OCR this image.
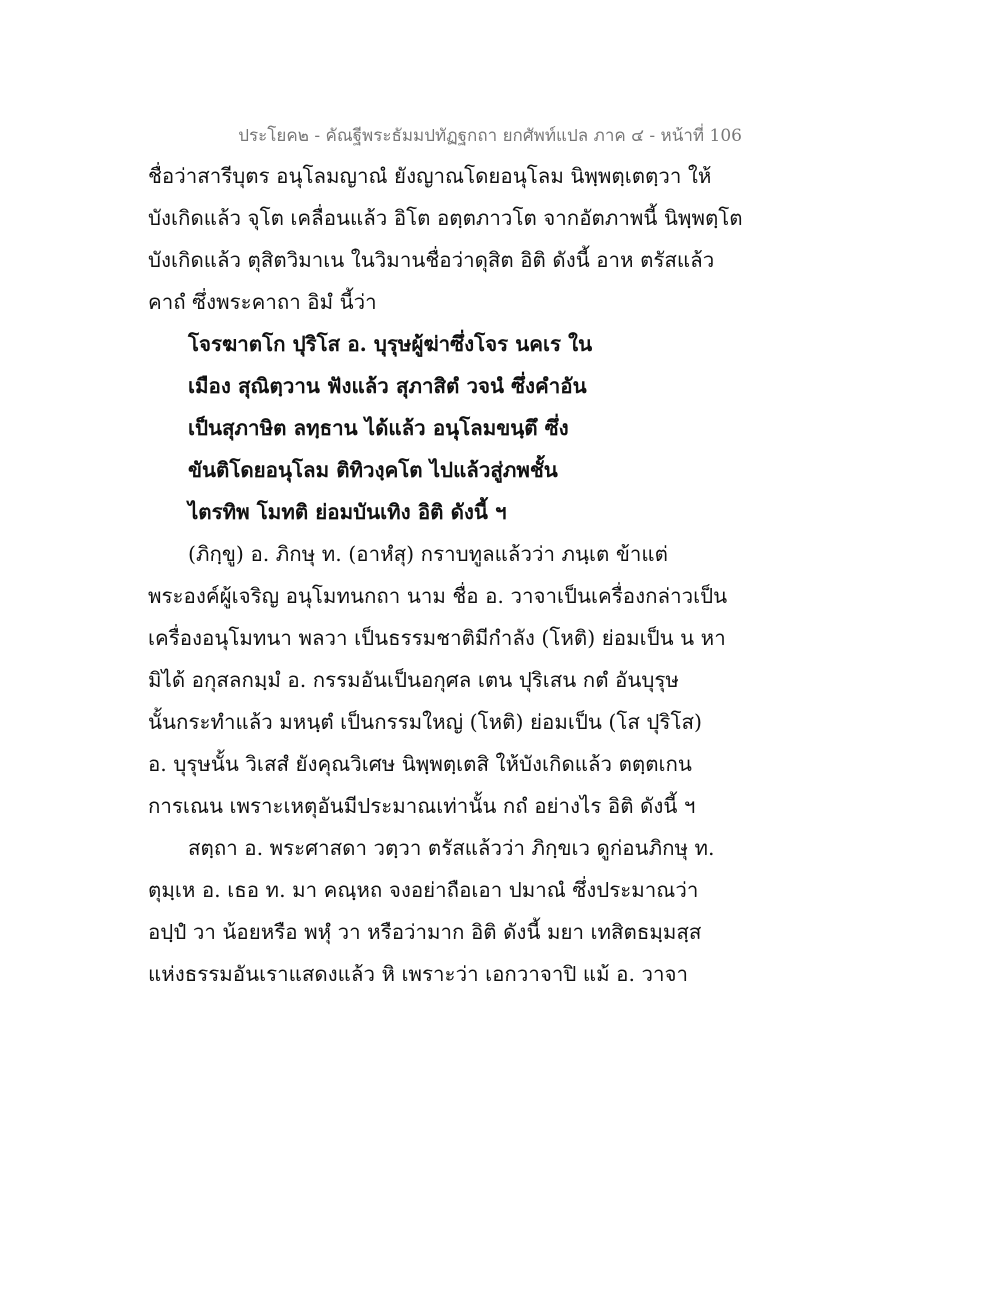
ประโยค๒ - คัณฐีพระธัมมปทัฏฐกถา ยกศัพท์แปล ภาค ๔ - หน้าที่ 106
ชื่อว่าสารีบุตร อนุโลมญาณํ ยังญาณโดยอนุโลม นิพฺพตฺเตตฺวา ให้
บังเกิดแล้ว จุโต เคลื่อนแล้ว อิโต อตฺตภาวโต จากอัตภาพนี้ นิพฺพตฺโต
บังเกิดแล้ว ตุสิตวิมาเน ในวิมานชื่อว่าดุสิต อิติ ดังนี้ อาห ตรัสแล้ว
คาถํ ซึ่งพระคาถา อิมํ นี้ว่า
โจรฆาตโก ปุริโส อ. บุรุษผู้ฆ่าซึ่งโจร นคเร ใน
เมือง สุณิตฺวาน ฟังแล้ว สุภาสิตํ วจนํ ซึ่งคำอัน
เป็นสุภาษิต ลทฺธาน ได้แล้ว อนุโลมขนฺตึ ซึ่ง
ขันติโดยอนุโลม ติทิวงฺคโต ไปแล้วสู่ภพชั้น
ไตรทิพ โมทติ ย่อมบันเทิง อิติ ดังนี้ ฯ
(ภิกฺขู) อ. ภิกษุ ท. (อาหํสุ) กราบทูลแล้วว่า ภนฺเต ข้าแต่
พระองค์ผู้เจริญ อนุโมทนกถา นาม ชื่อ อ. วาจาเป็นเครื่องกล่าวเป็น
เครื่องอนุโมทนา พลวา เป็นธรรมชาติมีกำลัง (โหติ) ย่อมเป็น น หา
มิได้ อกุสลกมฺมํ อ. กรรมอันเป็นอกุศล เตน ปุริเสน กตํ อันบุรุษ
นั้นกระทำแล้ว มหนฺตํ เป็นกรรมใหญ่ (โหติ) ย่อมเป็น (โส ปุริโส)
อ. บุรุษนั้น วิเสสํ ยังคุณวิเศษ นิพฺพตฺเตสิ ให้บังเกิดแล้ว ตตฺตเกน
การเณน เพราะเหตุอันมีประมาณเท่านั้น กถํ อย่างไร อิติ ดังนี้ ฯ
สตฺถา อ. พระศาสดา วตฺวา ตรัสแล้วว่า ภิกฺขเว ดูก่อนภิกษุ ท.
ตุมฺเห อ. เธอ ท. มา คณฺหถ จงอย่าถือเอา ปมาณํ ซึ่งประมาณว่า
อปฺปํ วา น้อยหรือ พหุํ วา หรือว่ามาก อิติ ดังนี้ มยา เทสิตธมฺมสฺส
แห่งธรรมอันเราแสดงแล้ว หิ เพราะว่า เอกวาจาปิ แม้ อ. วาจา
